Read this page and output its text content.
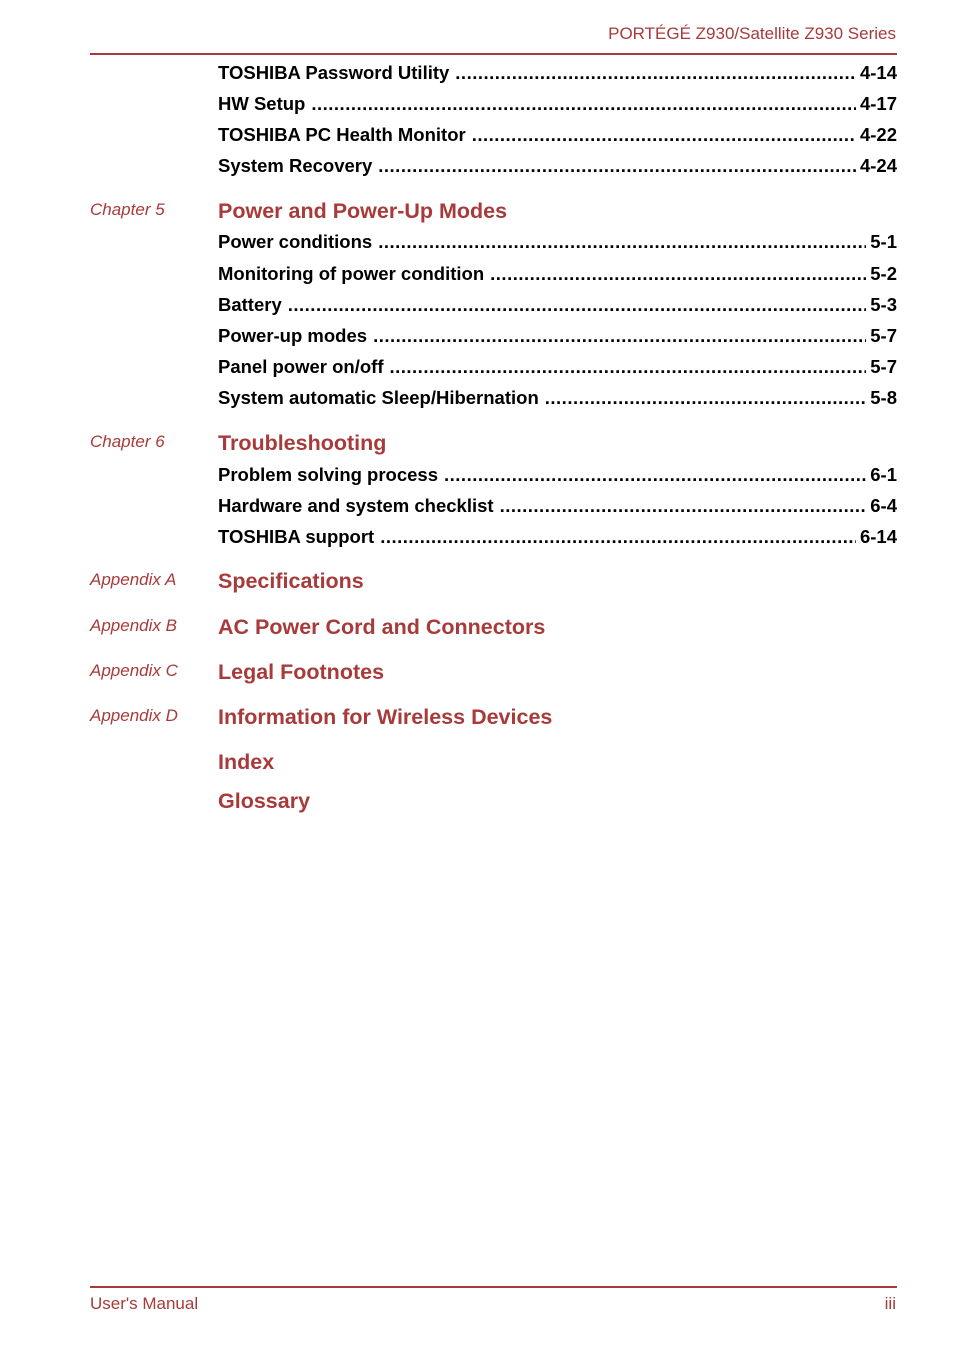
PORTÉGÉ Z930/Satellite Z930 Series
TOSHIBA Password Utility .....	4-14
HW Setup .....	4-17
TOSHIBA PC Health Monitor .....	4-22
System Recovery .....	4-24
Chapter 5 Power and Power-Up Modes
Power conditions .....	5-1
Monitoring of power condition .....	5-2
Battery .....	5-3
Power-up modes .....	5-7
Panel power on/off .....	5-7
System automatic Sleep/Hibernation .....	5-8
Chapter 6 Troubleshooting
Problem solving process .....	6-1
Hardware and system checklist .....	6-4
TOSHIBA support .....	6-14
Appendix A Specifications
Appendix B AC Power Cord and Connectors
Appendix C Legal Footnotes
Appendix D Information for Wireless Devices
Index
Glossary
User's Manual	iii
